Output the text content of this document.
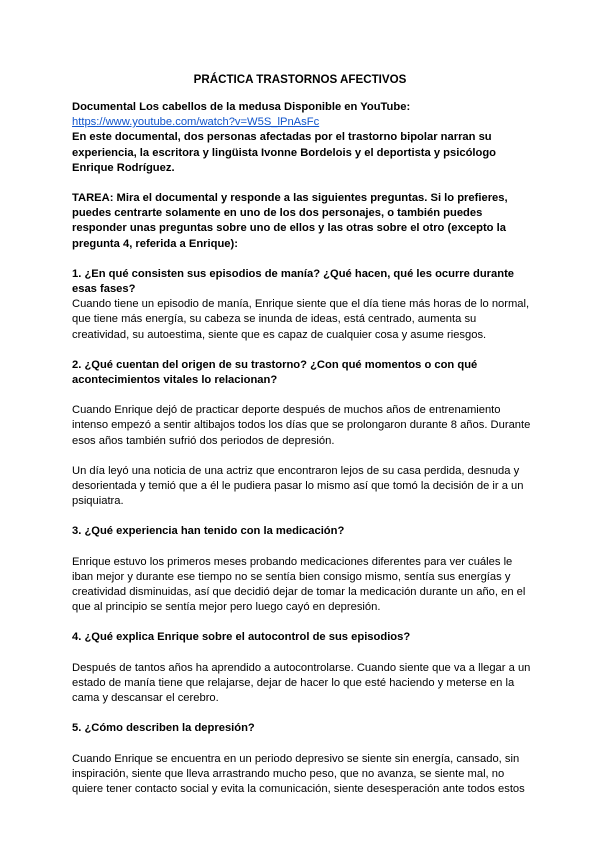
PRÁCTICA TRASTORNOS AFECTIVOS

Documental Los cabellos de la medusa Disponible en YouTube:

https://www.youtube.com/watch?v=W5S_lPnAsFc

En este documental, dos personas afectadas por el trastorno bipolar narran su experiencia, la escritora y lingüista Ivonne Bordelois y el deportista y psicólogo Enrique Rodríguez.

TAREA: Mira el documental y responde a las siguientes preguntas. Si lo prefieres, puedes centrarte solamente en uno de los dos personajes, o también puedes responder unas preguntas sobre uno de ellos y las otras sobre el otro (excepto la pregunta 4, referida a Enrique):

1. ¿En qué consisten sus episodios de manía? ¿Qué hacen, qué les ocurre durante esas fases?

Cuando tiene un episodio de manía, Enrique siente que el día tiene más horas de lo normal, que tiene más energía, su cabeza se inunda de ideas, está centrado, aumenta su creatividad, su autoestima, siente que es capaz de cualquier cosa y asume riesgos.

2. ¿Qué cuentan del origen de su trastorno? ¿Con qué momentos o con qué acontecimientos vitales lo relacionan?

Cuando Enrique dejó de practicar deporte después de muchos años de entrenamiento intenso empezó a sentir altibajos todos los días que se prolongaron durante 8 años. Durante esos años también sufrió dos periodos de depresión.

Un día leyó una noticia de una actriz que encontraron lejos de su casa perdida, desnuda y desorientada y temió que a él le pudiera pasar lo mismo así que tomó la decisión de ir a un psiquiatra.

3. ¿Qué experiencia han tenido con la medicación?

Enrique estuvo los primeros meses probando medicaciones diferentes para ver cuáles le iban mejor y durante ese tiempo no se sentía bien consigo mismo, sentía sus energías y creatividad disminuidas, así que decidió dejar de tomar la medicación durante un año, en el que al principio se sentía mejor pero luego cayó en depresión.

4. ¿Qué explica Enrique sobre el autocontrol de sus episodios?

Después de tantos años ha aprendido a autocontrolarse. Cuando siente que va a llegar a un estado de manía tiene que relajarse, dejar de hacer lo que esté haciendo y meterse en la cama y descansar el cerebro.

5. ¿Cómo describen la depresión?

Cuando Enrique se encuentra en un periodo depresivo se siente sin energía, cansado, sin inspiración, siente que lleva arrastrando mucho peso, que no avanza, se siente mal, no quiere tener contacto social y evita la comunicación, siente desesperación ante todos estos
